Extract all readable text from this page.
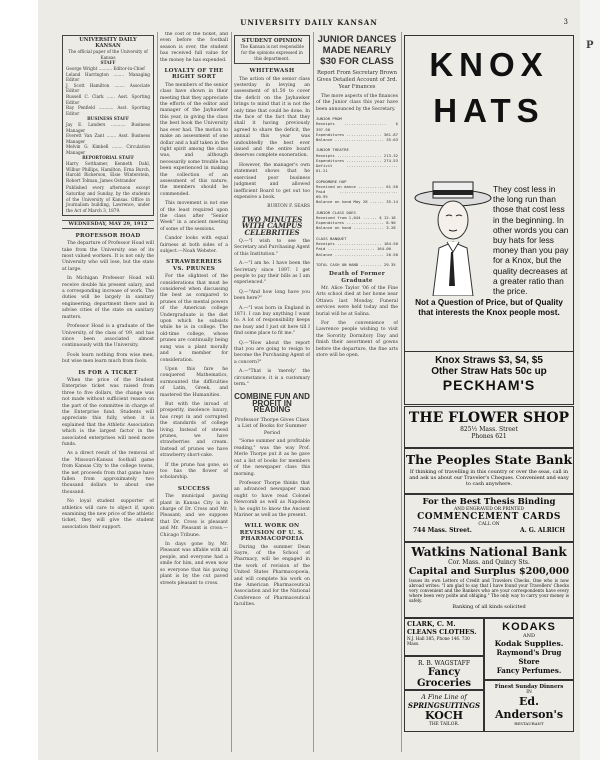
UNIVERSITY DAILY KANSAN	3
UNIVERSITY DAILY KANSAN
The official paper of the University of Kansas
STAFF
George Wright .......... Editor-in-Chief
Leland Harrington ........ Managing Editor
J. Scott Hamilton ........ Associate Editor
Russell C. Clark ...... Asst. Sporting Editor
Ray Penfield ........... Asst. Sporting Editor
BUSINESS STAFF
Jay E. Landers ........... Business Manager
Everett Van Zant ....... Asst. Business Manager
Melvin G. Kimbell ........ Circulation Manager
REPORTORIAL STAFF
Harry Sotthamer, Kenneth Dahl, Wilbur Phillips, Hamilton, Erna Burch, Harold Rickerson, Elsie Winterstein, Robert Tolman, James Ostrander
Published every afternoon except Saturday and Sunday, by the students of the University of Kansas. Office in Journalism building, Lawrence, under the Act of March 3, 1879.
WEDNESDAY, MAY 29, 1912
PROFESSOR HOAD

The departure of Professor Hoad will take from the University one of its most valued workers. It is not only the University who will lose, but the state at large.

In Michigan Professor Hoad will receive double his present salary, and a corresponding increase of work. The duties will be largely in sanitary engineering; department there and in advise cities of the state on sanitary matters.

Professor Hoad is a graduate of the University, of the class of '09, and has since been associated almost continuously with the University.

Fools learn nothing from wise men, but wise men learn much from fools.

IS FOR A TICKET

When the price of the Student Enterprise ticket was raised from three to five dollars, the change was not made without sufficient reason on the part of the committee in charge of the Enterprise fund. Students will appreciate this fully, when it is explained that the Athletic Association which is the largest factor in the associated enterprises will need more funds.

As a direct result of the removal of the Missouri-Kansas football game from Kansas City to the college towns, the net proceeds from that game have fallen from approximately two thousand dollars to about one thousand.

No loyal student supporter of athletics will care to object if, upon examining the new price of the athletic ticket, they will give the student association their support.

the cost of the ticket, and even before the football season is over, the student has received full value for the money he has expended.

LOYALTY OF THE RIGHT SORT

The members of the senior class have shown in their meeting that they appreciate the efforts of the editor and manager of the Jayhawker this year, in giving the class the best book the University has ever had. The motion to make an assessment of one dollar and a half taken in the right spirit among the class was, and although necessarily some trouble has been experienced in making the collection of an assessment of this nature, the members should be commended.

This movement is not one of the least required upon the class after "Senior Week" in a ancient meeting of some of the sessions.

Candor looks with equal fairness at both sides of a subject.—Noah Webster.

STRAWBERRIES VS. PRUNES

For the slightest of the considerations that must be considered when discussing the best as compared to prunes of the mental powers of the American college Undergraduate is the diet upon which he subsists while he is in college. The old-time college, whose prunes are continually being sung was a plant morally and a member for consideration.

Upon this fare he conquered Mathematics, surmounted the difficulties of Latin, Greek, and mastered the Humanities.

But with the inroad of prosperity, insolence luxury, has crept in and corrupted the standards of college living. Instead of stewed prunes, we have strawberries and cream. Instead of prunes we have strawberry short-cake.

If the prune has gone, so too has the flower of scholarship.

SUCCESS

The municipal paving plant in Kansas City is in charge of Dr. Cross and Mr. Pleasant; and we suppose that Dr. Cross is pleasant and Mr. Pleasant is cross.—Chicago Tribune.

In days gone by, Mr. Pleasant was affable with all people, and everyone had a smile for him, and even now so everyone that his paving plant is by the cut paved streets pleasant to cross.

STUDENT OPINION
The Kansan is not responsible for the opinions expressed in this department.
WHITEWASH

The action of the senior class yesterday in levying an assessment of $1.50 to cover the deficit on the Jayhawker brings to mind that it is not the only time that could be done. In the face of the fact that they shall it having previously agreed to share the deficit, the annual this year was undoubtedly the best ever issued and the entire board deserves complete exoneration.

However, the manager's own statement shows that he exercised poor business judgment and allowed inefficient Board to get out too expensive a book.

BURTON F. SEARS
TWO MINUTES WITH CAMPUS CELEBRITIES

Q.—"I wish to see the Secretary and Purchasing Agent of this Institution."

A.—"I am he. I have been the Secretary since 1897. I get people to pay their bills as I am experienced."

Q.—"And how long have you been here?"

A.—"I was born in England in 1871. I can buy anything I want to. A lot of responsibility keeps me busy and I just sit here till I find some place to fit me."

Q.—"How about the report that you are going to resign to become the Purchasing Agent of a concern?"

A.—"That is 'merely' the circumstance, it is a customary term."

COMBINE FUN AND PROFIT IN READING
Professor Thorpe Gives Class a List of Books for Summer Period

"Some summer and profitable reading," was the way Prof. Merle Thorpe put it as he gave out a list of books for members of the newspaper class this morning.

Professor Thorpe thinks that an advanced newspaper man ought to have read Colonel Newcomb as well as Napoleon I; he ought to know the Ancient Mariner as well as the present.

WILL WORK ON REVISION OF U. S. PHARMACOPOEIA

During the summer Dean Sayre, of the School of Pharmacy, will be engaged in the work of revision of the United States Pharmacopoeia, and will complete his work on the American Pharmaceutical Association and for the National Conference of Pharmaceutical faculties.

JUNIOR DANCES MADE NEARLY $30 FOR CLASS
Report From Secretary Brown Gives Detailed Account of 3rd. Year Finances

The more aspects of the finances of the Junior class this year have been announced by the Secretary.

JUNIOR PROM
Receipts .................. $ 397.50
Expenditures ............... 361.87
Balance ..................... 35.63

JUNIOR THEATRE
Receipts ................... 213.32
Expenditures ............... 274.53
Deficit ...................... 61.21

SOPHOMORE HOP
Received on dance ........... 61.50
Paid ......................... 60.95
Balance on hand May 28 ...... 35.14

JUNIOR CLASS DUES
Received from 1,044 ...... $ 12.18
Expenditures ................ 8.90
Balance on hand ............. 3.28

CLASS BANQUET
Receipts ................... 184.50
Paid .................... 164.00
Balance ..................... 20.50

TOTAL CASH ON HAND ......... 29.35
Death of Former Graduate

Mr. Alice Taylor '06 of the Fine Arts school died at her home near Ottawa last Monday. Funeral services were held today and the burial will be at Salina.

For the convenience of Lawrence people wishing to visit the Sorority Dormitory Day and finish their assortment of gowns before the departure, the fine arts store will be open.

KNOX
HATS
They cost less in the long run than those that cost less in the beginning. In other words you can buy hats for less money than you pay for a Knox, but the quality decreases at a greater ratio than the price.
Not a Question of Price, but of Quality that interests the Knox people most.
Knox Straws $3, $4, $5
Other Straw Hats 50c up
PECKHAM'S
THE FLOWER SHOP
825½ Mass. Street
Phones 621
The Peoples State Bank
If thinking of travelling in this country or over the seas, call in and ask us about our Traveler's Cheques. Convenient and easy to cash anywhere.
For the Best Thesis Binding
AND ENGRAVED OR PRINTED
COMMENCEMENT CARDS
CALL ON
744 Mass. Street.	A. G. ALRICH
Watkins National Bank
Cor. Mass. and Quincy Sts.
Capital and Surplus $200,000
Issues its own Letters of Credit and Travelers Checks. One who is now abroad writes: "I am glad to say that I have found your Travellers' Checks very convenient and the Bankers who are your correspondents have every where been very polite and obliging." The only way to carry your money is safely.
Banking of all kinds solicited
CLARK, C. M. CLEANS CLOTHES.
N.J. Hall 385, Phone 146. 730 Mass.
KODAKS
AND
Kodak Supplies.
Raymond's Drug Store
Fancy Perfumes.
R. B. WAGSTAFF
Fancy Groceries	Finest Sunday Dinners
IN
Ed. Anderson's
RESTAURANT
A Fine Line of
SPRINGSUITINGS
KOCH
THE TAILOR.
P
